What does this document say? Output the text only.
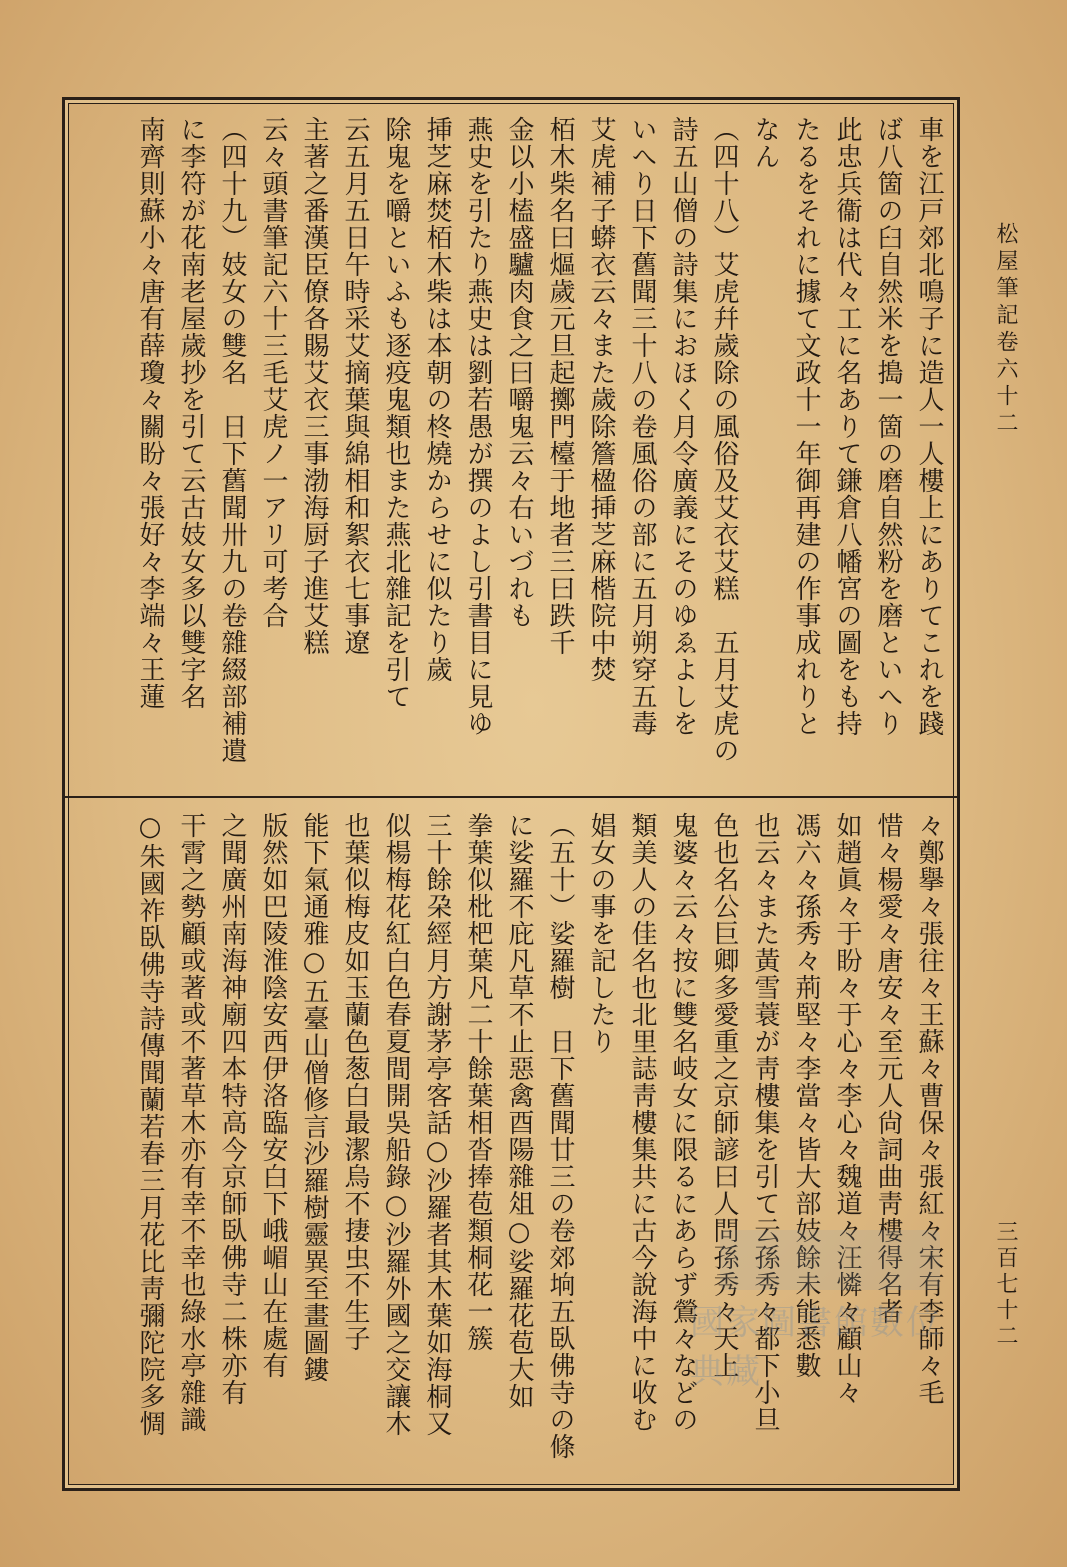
松屋筆記卷六十二
三百七十二
車を江戸郊北鳴子に造人一人樓上にありてこれを踐
ば八箇の臼自然米を搗一箇の磨自然粉を磨といへり
此忠兵衞は代々工に名ありて鎌倉八幡宮の圖をも持
たるをそれに據て文政十一年御再建の作事成れりと
なん
（四十八）艾虎幷歲除の風俗及艾衣艾糕　五月艾虎の
詩五山僧の詩集におほく月令廣義にそのゆゑよしを
いへり日下舊聞三十八の卷風俗の部に五月朔穿五毒
艾虎補子蟒衣云々また歲除簷楹挿芝麻楷院中焚
栢木柴名曰熰歲元旦起擲門檯于地者三曰跌千
金以小榼盛驢肉食之曰嚼鬼云々右いづれも
燕史を引たり燕史は劉若愚が撰のよし引書目に見ゆ
挿芝麻焚栢木柴は本朝の柊燒からせに似たり歲
除鬼を嚼といふも逐疫鬼類也また燕北雜記を引て
云五月五日午時采艾摘葉與綿相和絮衣七事遼
主著之番漢臣僚各賜艾衣三事渤海厨子進艾糕
云々頭書筆記六十三毛艾虎ノ一アリ可考合
（四十九）妓女の雙名　日下舊聞卅九の卷雜綴部補遺
に李符が花南老屋歲抄を引て云古妓女多以雙字名
南齊則蘇小々唐有薛瓊々關盼々張好々李端々王蓮
々鄭擧々張往々王蘇々曹保々張紅々宋有李師々毛
惜々楊愛々唐安々至元人尙詞曲靑樓得名者
如趙眞々于盼々于心々李心々魏道々汪憐々顧山々
馮六々孫秀々荊堅々李當々皆大部妓餘未能悉數
也云々また黃雪蓑が靑樓集を引て云孫秀々都下小旦
色也名公巨卿多愛重之京師諺曰人問孫秀々天上
鬼婆々云々按に雙名岐女に限るにあらず鶯々などの
類美人の佳名也北里誌靑樓集共に古今說海中に收む
娼女の事を記したり
（五十）娑羅樹　日下舊聞廿三の卷郊垧五臥佛寺の條
に娑羅不庇凡草不止惡禽酉陽雜俎○娑羅花苞大如
拳葉似枇杷葉凡二十餘葉相沓捧苞類桐花一簇
三十餘朶經月方謝茅亭客話○沙羅者其木葉如海桐又
似楊梅花紅白色春夏間開吳船錄○沙羅外國之交讓木
也葉似梅皮如玉蘭色葱白最潔烏不捿虫不生子
能下氣通雅○五臺山僧修言沙羅樹靈異至畫圖鏤
版然如巴陵淮陰安西伊洛臨安白下峨嵋山在處有
之聞廣州南海神廟四本特高今京師臥佛寺二株亦有
干霄之勢顧或著或不著草木亦有幸不幸也綠水亭雜識
○朱國祚臥佛寺詩傳聞蘭若春三月花比靑彌陀院多惆	國家圖書館數位典藏
